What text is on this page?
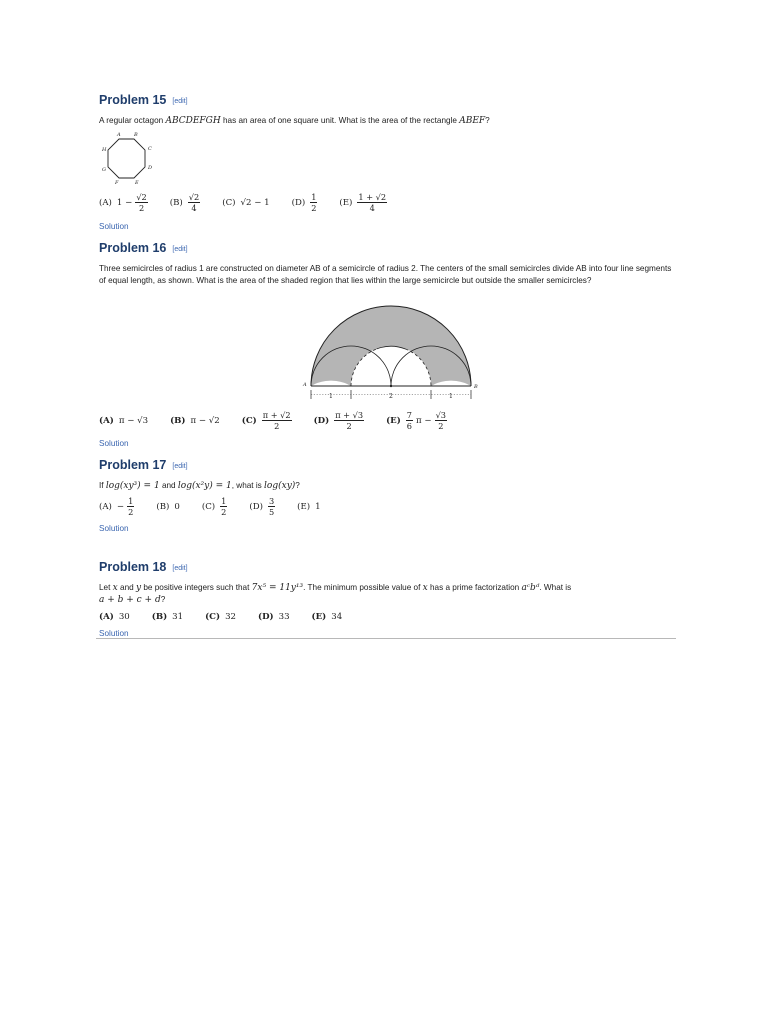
Problem 15 [edit]

A regular octagon ABCDEFGH has an area of one square unit. What is the area of the rectangle ABEF?

A	B
C
D
E
F
G
H
(A) $1 - \frac{√2}{2}$	$(B) \frac{√2}{4}$	(C) √2 − 1	$(D) \frac{1}{2}$	$(E) \frac{1 + √2}{4}$
Solution
Problem 16 [edit]

Three semicircles of radius 1 are constructed on diameter AB of a semicircle of radius 2. The centers of the small semicircles divide AB into four line segments of equal length, as shown. What is the area of the shaded region that lies within the large semicircle but outside the smaller semicircles?

A	B
1	2	1
(A) π − √3	(B) π − √2	$(C) \frac{\pi + √2}{2}$	$(D) \frac{\pi + √3}{2}$	$(E) \frac{7}{6}$ $\pi - \frac{√3}{2}$
Solution
Problem 17 [edit]

If log(xy³) = 1 and log(x²y) = 1, what is log(xy)?

$(A) - \frac{1}{2}$	(B) 0	$(C) \frac{1}{2}$	$(D) \frac{3}{5}$	(E) 1
Solution
Problem 18 [edit]

Let x and y be positive integers such that 7x⁵ = 11y¹³. The minimum possible value of x has a prime factorization aᶜbᵈ. What is
a + b + c + d?

(A) 30	(B) 31	(C) 32	(D) 33	(E) 34
Solution
